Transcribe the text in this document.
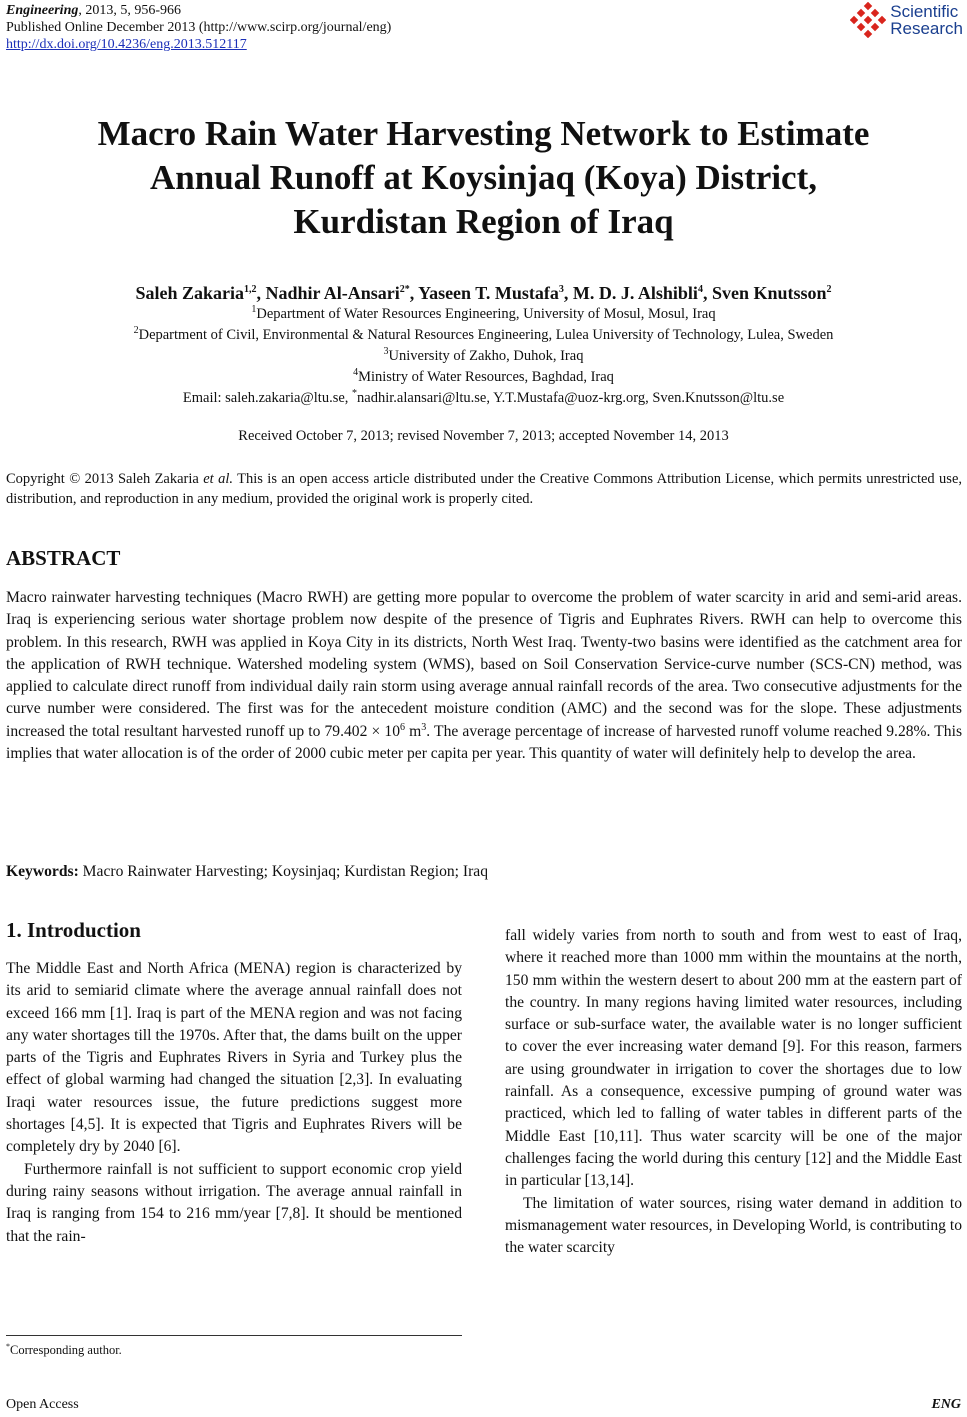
Engineering, 2013, 5, 956-966
Published Online December 2013 (http://www.scirp.org/journal/eng)
http://dx.doi.org/10.4236/eng.2013.512117
Scientific
Research
Macro Rain Water Harvesting Network to Estimate
Annual Runoff at Koysinjaq (Koya) District,
Kurdistan Region of Iraq
Saleh Zakaria$^{1,2}$, Nadhir Al-Ansari$^{2*}$, Yaseen T. Mustafa$^3$, M. D. J. Alshibli$^4$, Sven Knutsson$^2$
$^1$Department of Water Resources Engineering, University of Mosul, Mosul, Iraq
$^2$Department of Civil, Environmental & Natural Resources Engineering, Lulea University of Technology, Lulea, Sweden
$^3$University of Zakho, Duhok, Iraq
$^4$Ministry of Water Resources, Baghdad, Iraq
Email: saleh.zakaria@ltu.se, *nadhir.alansari@ltu.se, Y.T.Mustafa@uoz-krg.org, Sven.Knutsson@ltu.se
Received October 7, 2013; revised November 7, 2013; accepted November 14, 2013
Copyright © 2013 Saleh Zakaria et al. This is an open access article distributed under the Creative Commons Attribution License, which permits unrestricted use, distribution, and reproduction in any medium, provided the original work is properly cited.
ABSTRACT
Macro rainwater harvesting techniques (Macro RWH) are getting more popular to overcome the problem of water scarcity in arid and semi-arid areas. Iraq is experiencing serious water shortage problem now despite of the presence of Tigris and Euphrates Rivers. RWH can help to overcome this problem. In this research, RWH was applied in Koya City in its districts, North West Iraq. Twenty-two basins were identified as the catchment area for the application of RWH technique. Watershed modeling system (WMS), based on Soil Conservation Service-curve number (SCS-CN) method, was applied to calculate direct runoff from individual daily rain storm using average annual rainfall records of the area. Two consecutive adjustments for the curve number were considered. The first was for the antecedent moisture condition (AMC) and the second was for the slope. These adjustments increased the total resultant harvested runoff up to $79.402 \times 10^6$ $m^3$. The average percentage of increase of harvested runoff volume reached 9.28%. This implies that water allocation is of the order of 2000 cubic meter per capita per year. This quantity of water will definitely help to develop the area.
Keywords: Macro Rainwater Harvesting; Koysinjaq; Kurdistan Region; Iraq
1. Introduction

The Middle East and North Africa (MENA) region is characterized by its arid to semiarid climate where the average annual rainfall does not exceed 166 mm [1]. Iraq is part of the MENA region and was not facing any water shortages till the 1970s. After that, the dams built on the upper parts of the Tigris and Euphrates Rivers in Syria and Turkey plus the effect of global warming had changed the situation [2,3]. In evaluating Iraqi water resources issue, the future predictions suggest more shortages [4,5]. It is expected that Tigris and Euphrates Rivers will be completely dry by 2040 [6].

Furthermore rainfall is not sufficient to support economic crop yield during rainy seasons without irrigation. The average annual rainfall in Iraq is ranging from 154 to 216 mm/year [7,8]. It should be mentioned that the rain-

fall widely varies from north to south and from west to east of Iraq, where it reached more than 1000 mm within the mountains at the north, 150 mm within the western desert to about 200 mm at the eastern part of the country. In many regions having limited water resources, including surface or sub-surface water, the available water is no longer sufficient to cover the ever increasing water demand [9]. For this reason, farmers are using groundwater in irrigation to cover the shortages due to low rainfall. As a consequence, excessive pumping of ground water was practiced, which led to falling of water tables in different parts of the Middle East [10,11]. Thus water scarcity will be one of the major challenges facing the world during this century [12] and the Middle East in particular [13,14].

The limitation of water sources, rising water demand in addition to mismanagement water resources, in Developing World, is contributing to the water scarcity

*Corresponding author.
Open Access	ENG
